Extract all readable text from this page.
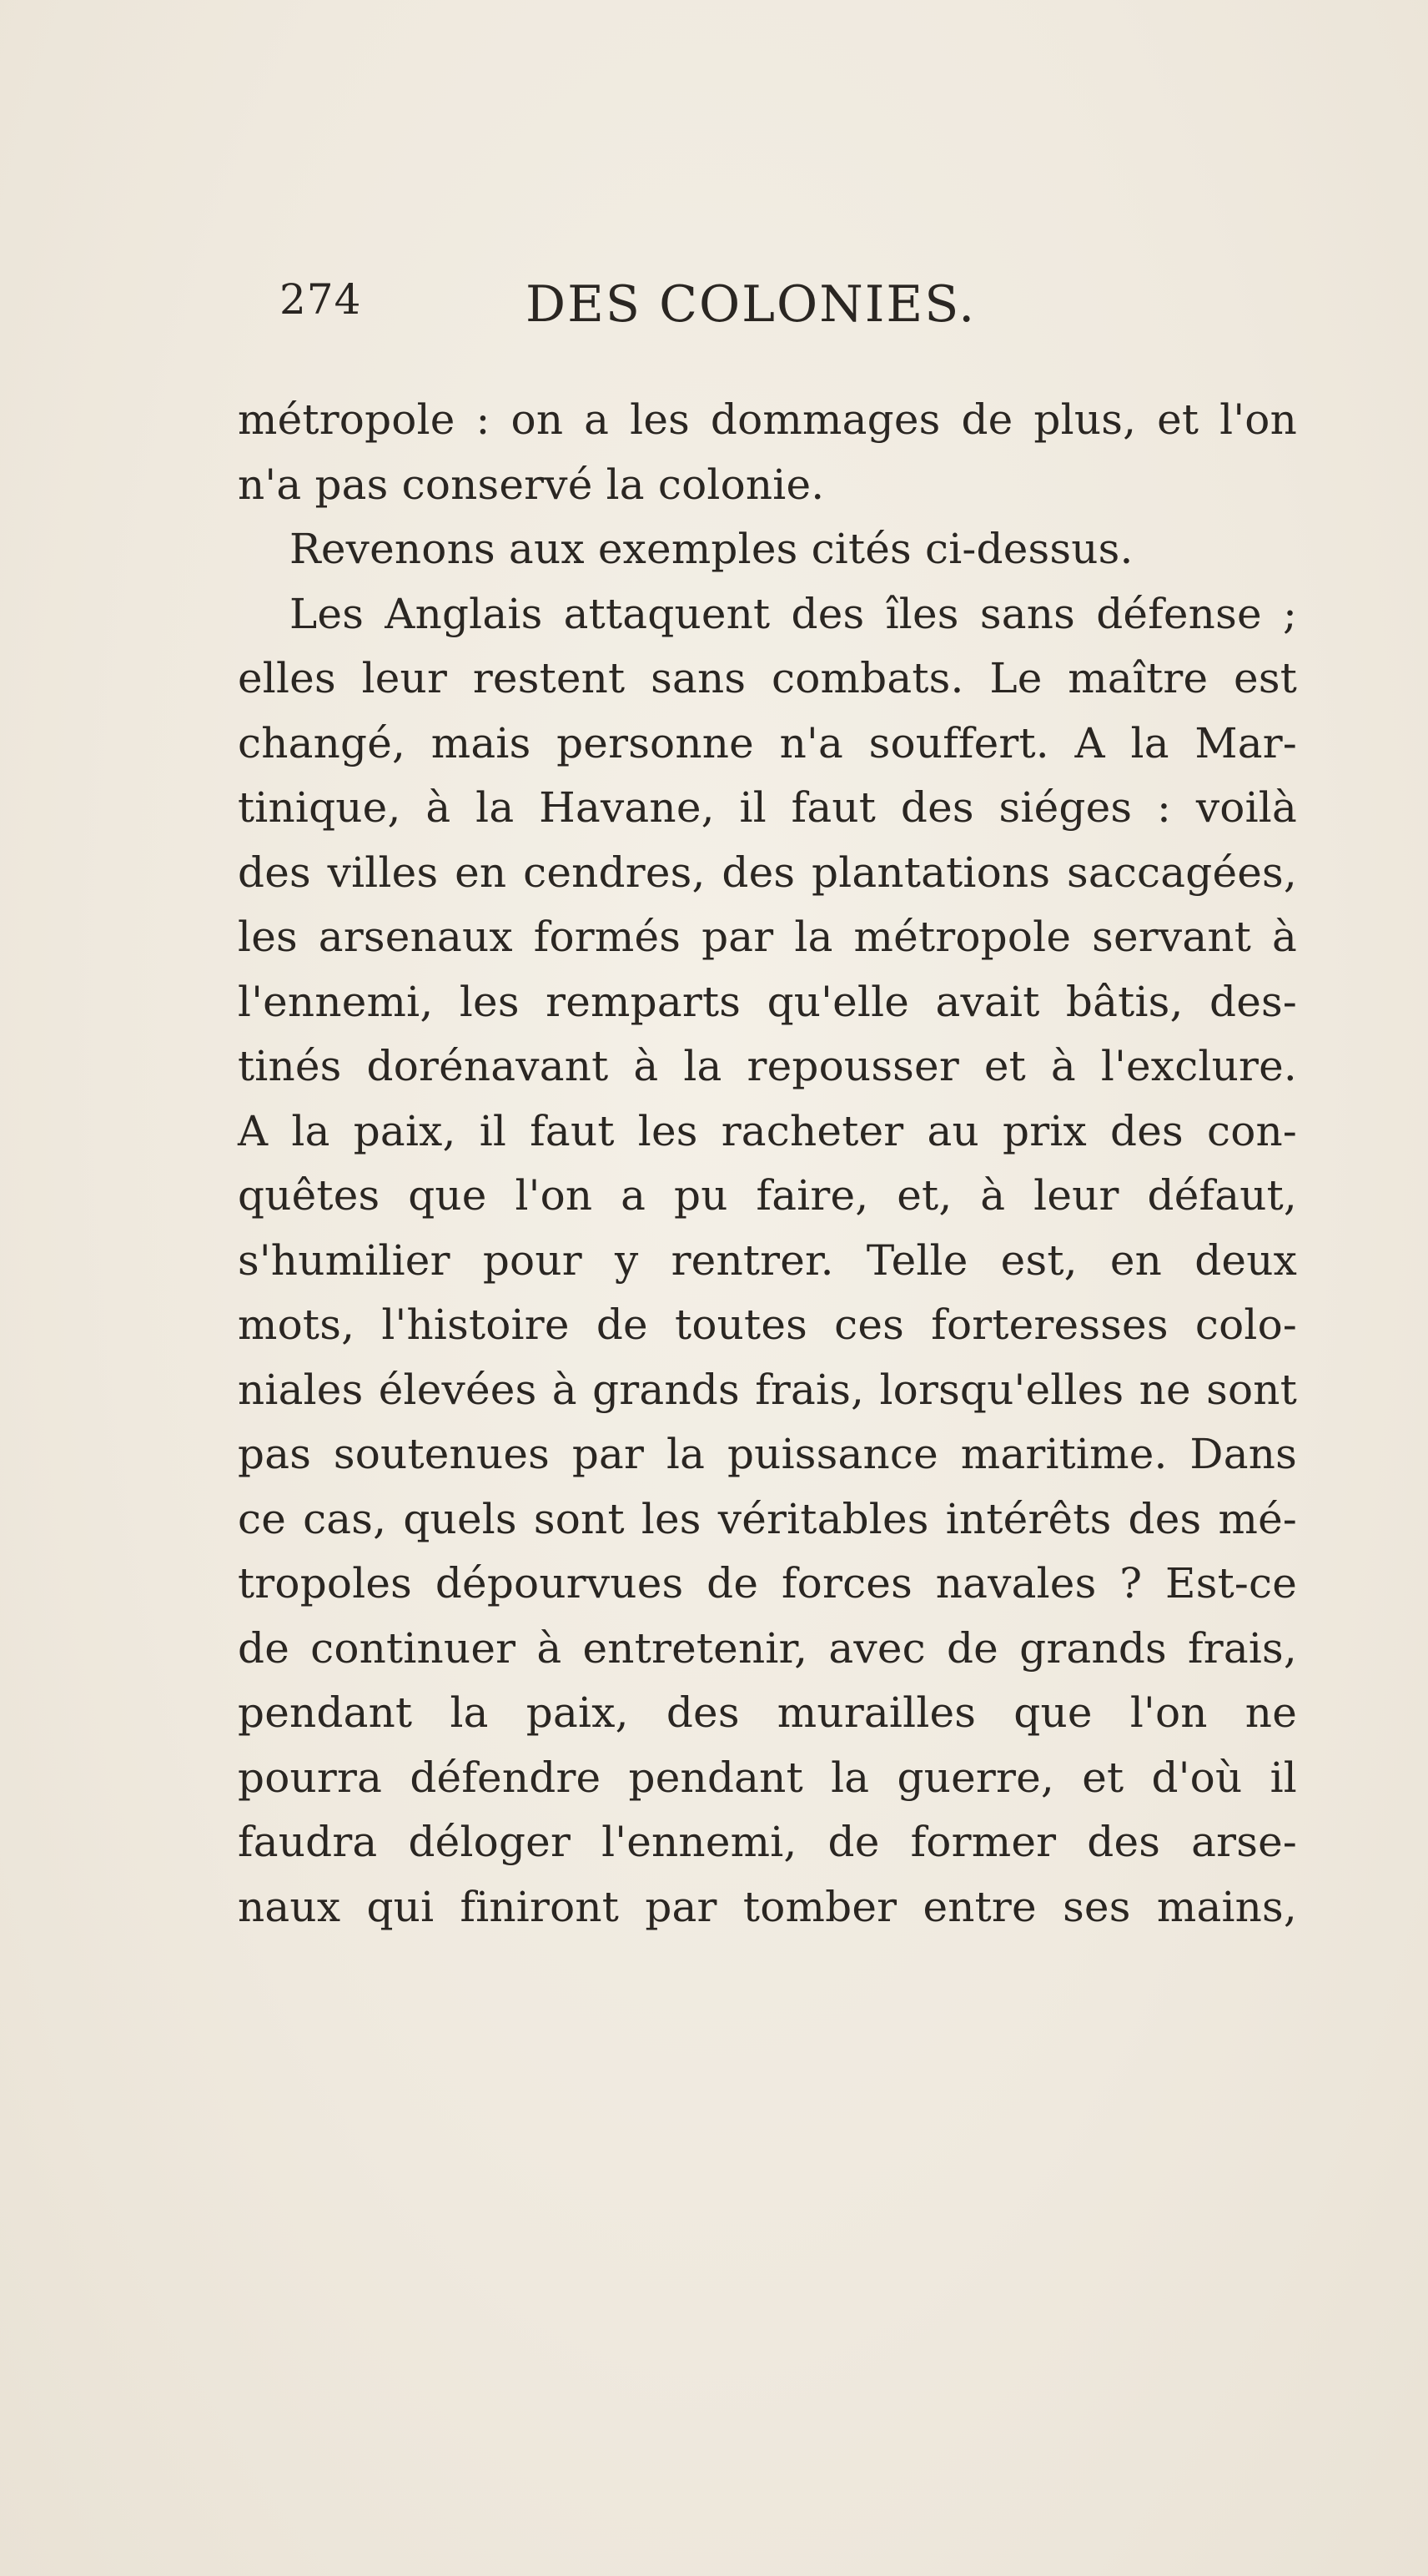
274	DES COLONIES.
métropole : on a les dommages de plus, et l'on
n'a pas conservé la colonie.
Revenons aux exemples cités ci-dessus.
Les Anglais attaquent des îles sans défense ;
elles leur restent sans combats. Le maître est
changé, mais personne n'a souffert. A la Mar-
tinique, à la Havane, il faut des siéges : voilà
des villes en cendres, des plantations saccagées,
les arsenaux formés par la métropole servant à
l'ennemi, les remparts qu'elle avait bâtis, des-
tinés dorénavant à la repousser et à l'exclure.
A la paix, il faut les racheter au prix des con-
quêtes que l'on a pu faire, et, à leur défaut,
s'humilier pour y rentrer. Telle est, en deux
mots, l'histoire de toutes ces forteresses colo-
niales élevées à grands frais, lorsqu'elles ne sont
pas soutenues par la puissance maritime. Dans
ce cas, quels sont les véritables intérêts des mé-
tropoles dépourvues de forces navales ? Est-ce
de continuer à entretenir, avec de grands frais,
pendant la paix, des murailles que l'on ne
pourra défendre pendant la guerre, et d'où il
faudra déloger l'ennemi, de former des arse-
naux qui finiront par tomber entre ses mains,
